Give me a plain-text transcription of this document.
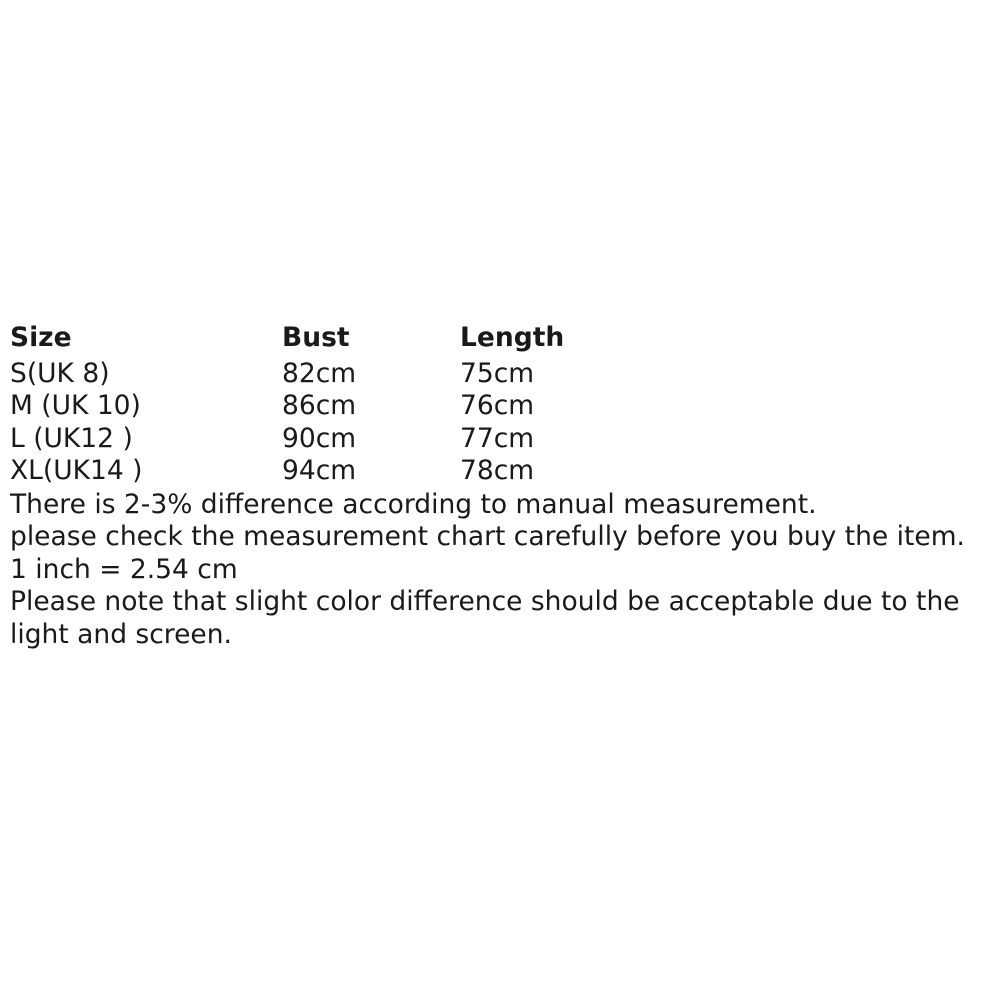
Size	Bust	Length
S(UK 8)	82cm	75cm
M (UK 10)	86cm	76cm
L (UK12 )	90cm	77cm
XL(UK14 )	94cm	78cm

There is 2-3% difference according to manual measurement.

please check the measurement chart carefully before you buy the item.

1 inch = 2.54 cm

Please note that slight color difference should be acceptable due to the light and screen.
